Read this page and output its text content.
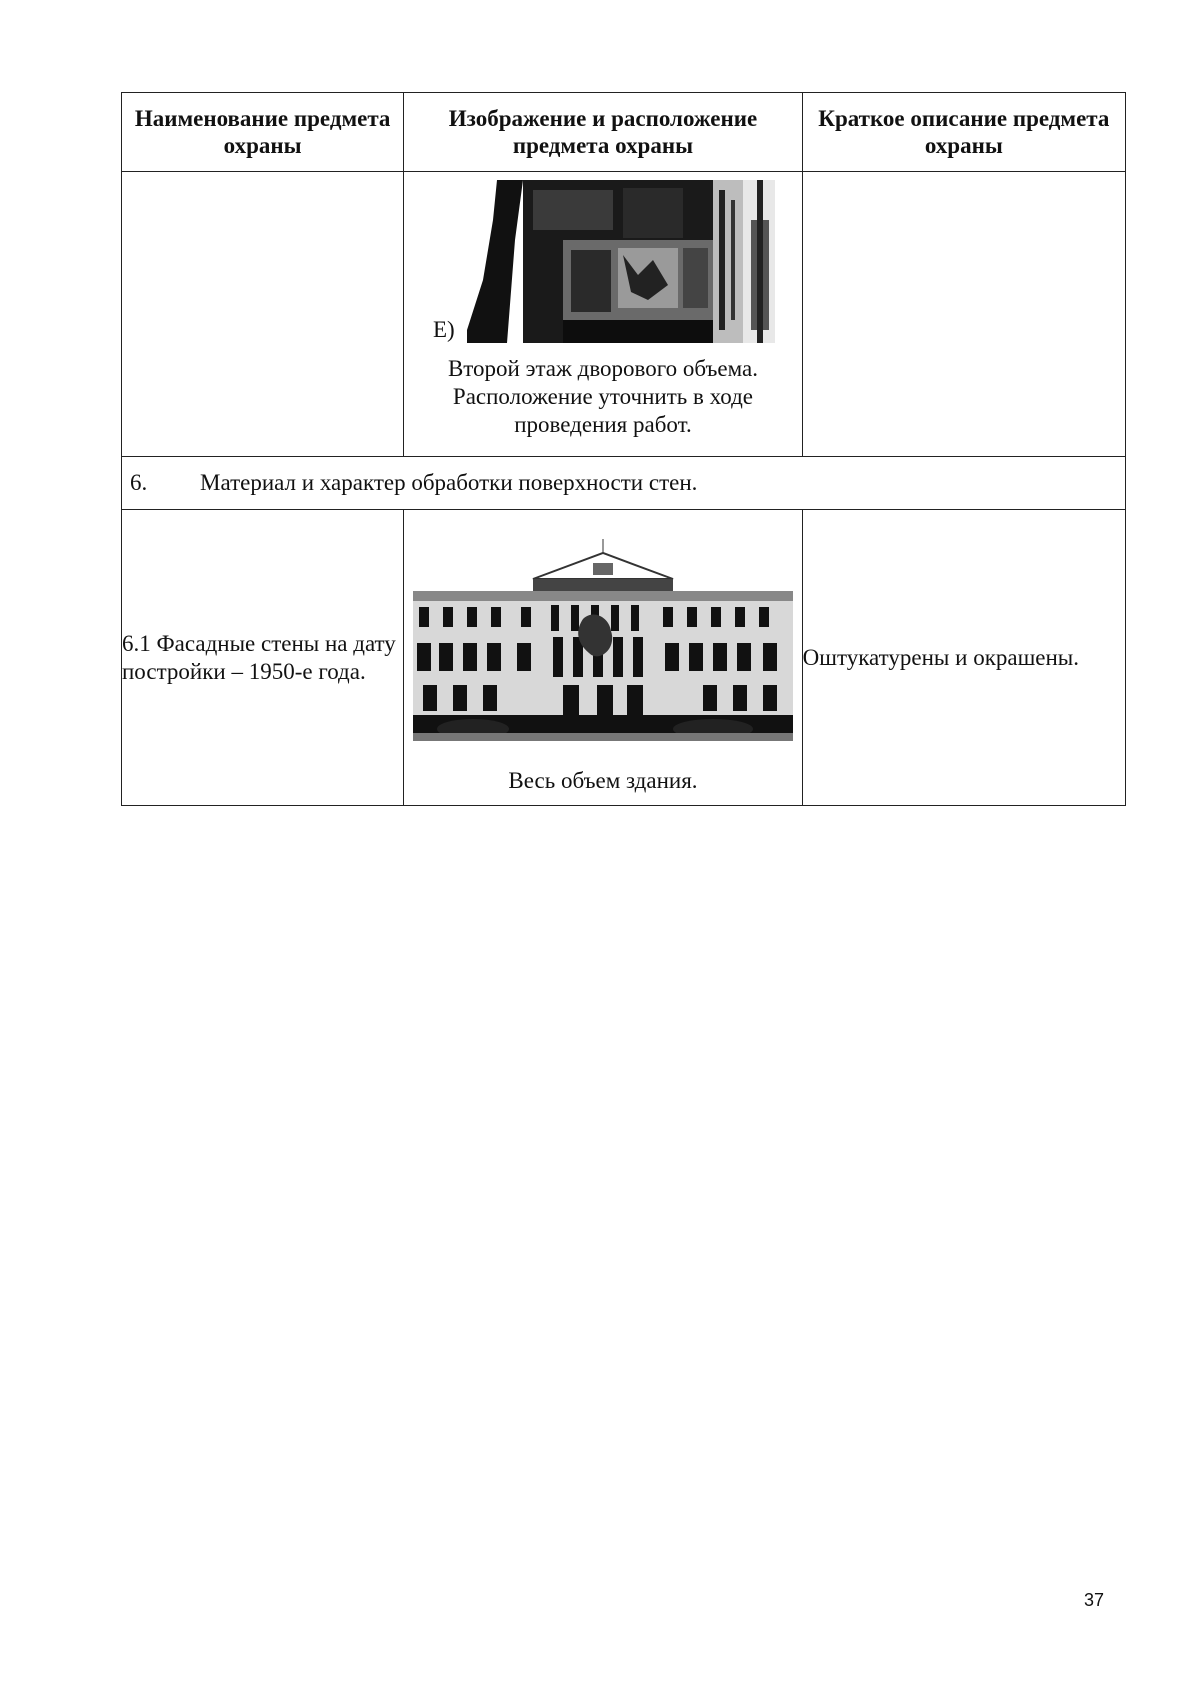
Наименование предмета охраны	Изображение и расположение предмета охраны	Краткое описание предмета охраны

	Е)
Второй этаж дворового объема. Расположение уточнить в ходе проведения работ.	

6. Материал и характер обработки поверхности стен.		
6.1 Фасадные стены на дату постройки – 1950-е года.	Весь объем здания.	Оштукатурены и окрашены.
37
